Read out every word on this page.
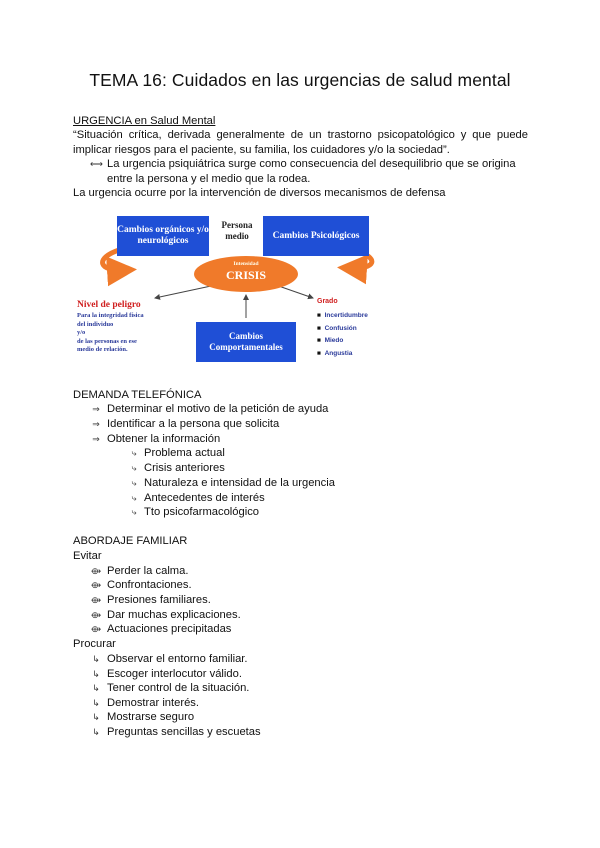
TEMA 16: Cuidados en las urgencias de salud mental
URGENCIA en Salud Mental
“Situación crítica, derivada generalmente de un trastorno psicopatológico y que puede implicar riesgos para el paciente, su familia, los cuidadores y/o la sociedad”.
⟷ La urgencia psiquiátrica surge como consecuencia del desequilibrio que se origina
entre la persona y el medio que la rodea.
La urgencia ocurre por la intervención de diversos mecanismos de defensa
Cambios orgánicos y/o neurológicos
Persona medio	Cambios Psicológicos
Intensidad
CRISIS
Cambios Comportamentales
Nivel de peligro
Para la integridad física
del individuo
y/o
de las personas en ese
medio de relación.
Grado
■ Incertidumbre
■ Confusión
■ Miedo
■ Angustia
DEMANDA TELEFÓNICA
⇒ Determinar el motivo de la petición de ayuda
⇒ Identificar a la persona que solicita
⇒ Obtener la información
⤷ Problema actual
⤷ Crisis anteriores
⤷ Naturaleza e intensidad de la urgencia
⤷ Antecedentes de interés
⤷ Tto psicofarmacológico
ABORDAJE FAMILIAR
Evitar
⟴ Perder la calma.
⟴ Confrontaciones.
⟴ Presiones familiares.
⟴ Dar muchas explicaciones.
⟴ Actuaciones precipitadas
Procurar
↳ Observar el entorno familiar.
↳ Escoger interlocutor válido.
↳ Tener control de la situación.
↳ Demostrar interés.
↳ Mostrarse seguro
↳ Preguntas sencillas y escuetas
